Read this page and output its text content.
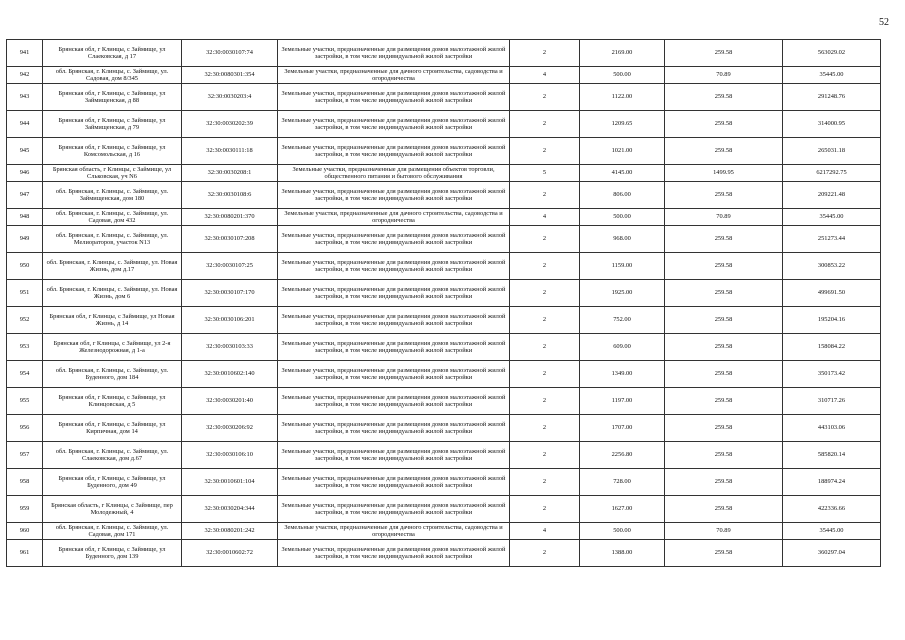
52
941	Брянская обл, г Клинцы, с Займище, ул Слаековская, д 17	32:30:0030107:74	Земельные участки, предназначенные для размещения домов малоэтажной жилой застройки, в том числе индивидуальной жилой застройки	2	2169.00	259.58	563029.02
942	обл. Брянская, г. Клинцы, с. Займище, ул. Садовая, дом 8/345	32:30:0080301:354	Земельные участки, предназначенные для дачного строительства, садоводства и огородничества	4	500.00	70.89	35445.00
943	Брянская обл, г Клинцы, с Займище, ул Займищенская, д 88	32:30:0030203:4	Земельные участки, предназначенные для размещения домов малоэтажной жилой застройки, в том числе индивидуальной жилой застройки	2	1122.00	259.58	291248.76
944	Брянская обл, г Клинцы, с Займище, ул Займищенская, д 79	32:30:0030202:39	Земельные участки, предназначенные для размещения домов малоэтажной жилой застройки, в том числе индивидуальной жилой застройки	2	1209.65	259.58	314000.95
945	Брянская обл, г Клинцы, с Займище, ул Комсомольская, д 16	32:30:0030111:18	Земельные участки, предназначенные для размещения домов малоэтажной жилой застройки, в том числе индивидуальной жилой застройки	2	1021.00	259.58	265031.18
946	Брянская область, г Клинцы, с Займище, ул Сльковская, уч N6	32:30:0030208:1	Земельные участки, предназначенные для размещения объектов торговли, общественного питания и бытового обслуживания	5	4145.00	1499.95	6217292.75
947	обл. Брянская, г. Клинцы, с. Займище, ул. Займищенская, дом 180	32:30:0030108:6	Земельные участки, предназначенные для размещения домов малоэтажной жилой застройки, в том числе индивидуальной жилой застройки	2	806.00	259.58	209221.48
948	обл. Брянская, г. Клинцы, с. Займище, ул. Садовая, дом 432	32:30:0080201:370	Земельные участки, предназначенные для дачного строительства, садоводства и огородничества	4	500.00	70.89	35445.00
949	обл. Брянская, г. Клинцы, с. Займище, ул. Мелиораторов, участок N13	32:30:0030107:208	Земельные участки, предназначенные для размещения домов малоэтажной жилой застройки, в том числе индивидуальной жилой застройки	2	968.00	259.58	251273.44
950	обл. Брянская, г. Клинцы, с. Займище, ул. Новая Жизнь, дом д.17	32:30:0030107:25	Земельные участки, предназначенные для размещения домов малоэтажной жилой застройки, в том числе индивидуальной жилой застройки	2	1159.00	259.58	300853.22
951	обл. Брянская, г. Клинцы, с. Займище, ул. Новая Жизнь, дом 6	32:30:0030107:170	Земельные участки, предназначенные для размещения домов малоэтажной жилой застройки, в том числе индивидуальной жилой застройки	2	1925.00	259.58	499691.50
952	Брянская обл, г Клинцы, с Займище, ул Новая Жизнь, д 14	32:30:0030106:201	Земельные участки, предназначенные для размещения домов малоэтажной жилой застройки, в том числе индивидуальной жилой застройки	2	752.00	259.58	195204.16
953	Брянская обл, г Клинцы, с Займище, ул 2-я Железнодорожная, д 1-а	32:30:0030103:33	Земельные участки, предназначенные для размещения домов малоэтажной жилой застройки, в том числе индивидуальной жилой застройки	2	609.00	259.58	158084.22
954	обл. Брянская, г. Клинцы, с. Займище, ул. Буденного, дом 184	32:30:0010602:140	Земельные участки, предназначенные для размещения домов малоэтажной жилой застройки, в том числе индивидуальной жилой застройки	2	1349.00	259.58	350173.42
955	Брянская обл, г Клинцы, с Займище, ул Клинцовская, д 5	32:30:0030201:40	Земельные участки, предназначенные для размещения домов малоэтажной жилой застройки, в том числе индивидуальной жилой застройки	2	1197.00	259.58	310717.26
956	Брянская обл, г Клинцы, с Займище, ул Кирпичная, дом 14	32:30:0030206:92	Земельные участки, предназначенные для размещения домов малоэтажной жилой застройки, в том числе индивидуальной жилой застройки	2	1707.00	259.58	443103.06
957	обл. Брянская, г. Клинцы, с. Займище, ул. Слаековская, дом д.67	32:30:0030106:10	Земельные участки, предназначенные для размещения домов малоэтажной жилой застройки, в том числе индивидуальной жилой застройки	2	2256.80	259.58	585820.14
958	Брянская обл, г Клинцы, с Займище, ул Буденного, дом 49	32:30:0010601:104	Земельные участки, предназначенные для размещения домов малоэтажной жилой застройки, в том числе индивидуальной жилой застройки	2	728.00	259.58	188974.24
959	Брянская область, г Клинцы, с Займище, пер Молодежный, 4	32:30:0030204:344	Земельные участки, предназначенные для размещения домов малоэтажной жилой застройки, в том числе индивидуальной жилой застройки	2	1627.00	259.58	422336.66
960	обл. Брянская, г. Клинцы, с. Займище, ул. Садовая, дом 171	32:30:0080201:242	Земельные участки, предназначенные для дачного строительства, садоводства и огородничества	4	500.00	70.89	35445.00
961	Брянская обл, г Клинцы, с Займище, ул Буденного, дом 139	32:30:0010602:72	Земельные участки, предназначенные для размещения домов малоэтажной жилой застройки, в том числе индивидуальной жилой застройки	2	1388.00	259.58	360297.04
